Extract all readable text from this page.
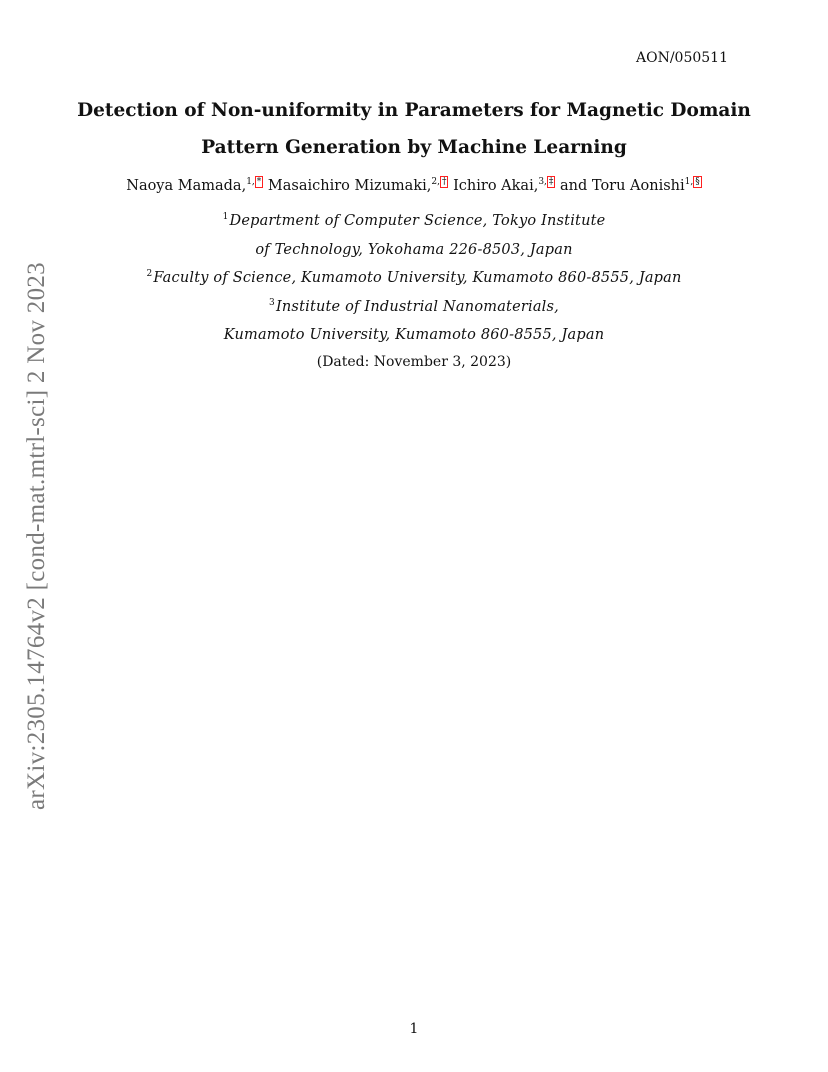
AON/050511
Detection of Non-uniformity in Parameters for Magnetic Domain
Pattern Generation by Machine Learning
Naoya Mamada,$^{1, *}$ Masaichiro Mizumaki,$^{2, \dagger}$ Ichiro Akai,$^{3, \ddagger}$ and Toru Aonishi$^{1, \S}$
$^1$Department of Computer Science, Tokyo Institute
of Technology, Yokohama 226-8503, Japan
$^2$Faculty of Science, Kumamoto University, Kumamoto 860-8555, Japan
$^3$Institute of Industrial Nanomaterials,
Kumamoto University, Kumamoto 860-8555, Japan
(Dated: November 3, 2023)
arXiv:2305.14764v2 [cond-mat.mtrl-sci] 2 Nov 2023
1
